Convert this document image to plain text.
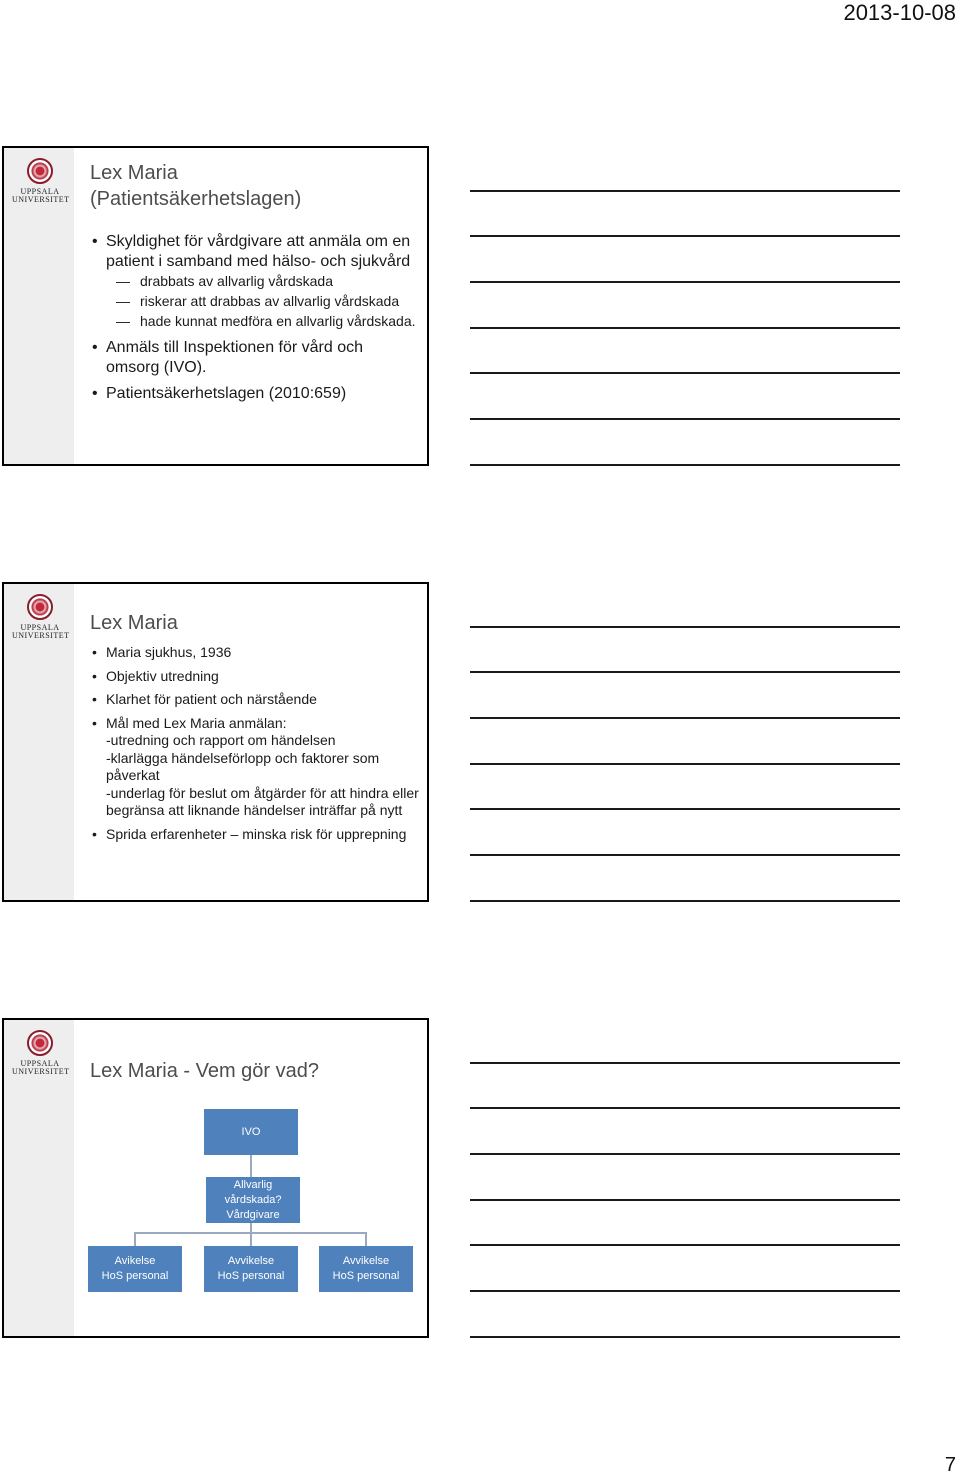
2013-10-08
UPPSALA
UNIVERSITET
Lex Maria
(Patientsäkerhetslagen)
• Skyldighet för vårdgivare att anmäla om en patient i samband med hälso- och sjukvård
— drabbats av allvarlig vårdskada
— riskerar att drabbas av allvarlig vårdskada
— hade kunnat medföra en allvarlig vårdskada.
• Anmäls till Inspektionen för vård och omsorg (IVO).
• Patientsäkerhetslagen (2010:659)
UPPSALA
UNIVERSITET
Lex Maria
• Maria sjukhus, 1936
• Objektiv utredning
• Klarhet för patient och närstående
• Mål med Lex Maria anmälan:
-utredning och rapport om händelsen
-klarlägga händelseförlopp och faktorer som påverkat
-underlag för beslut om åtgärder för att hindra eller begränsa att liknande händelser inträffar på nytt
• Sprida erfarenheter – minska risk för upprepning
UPPSALA
UNIVERSITET Lex Maria - Vem gör vad?
IVO
Allvarlig vårdskada?
Vårdgivare
Avikelse
HoS personal
Avvikelse
HoS personal
Avvikelse
HoS personal
7
